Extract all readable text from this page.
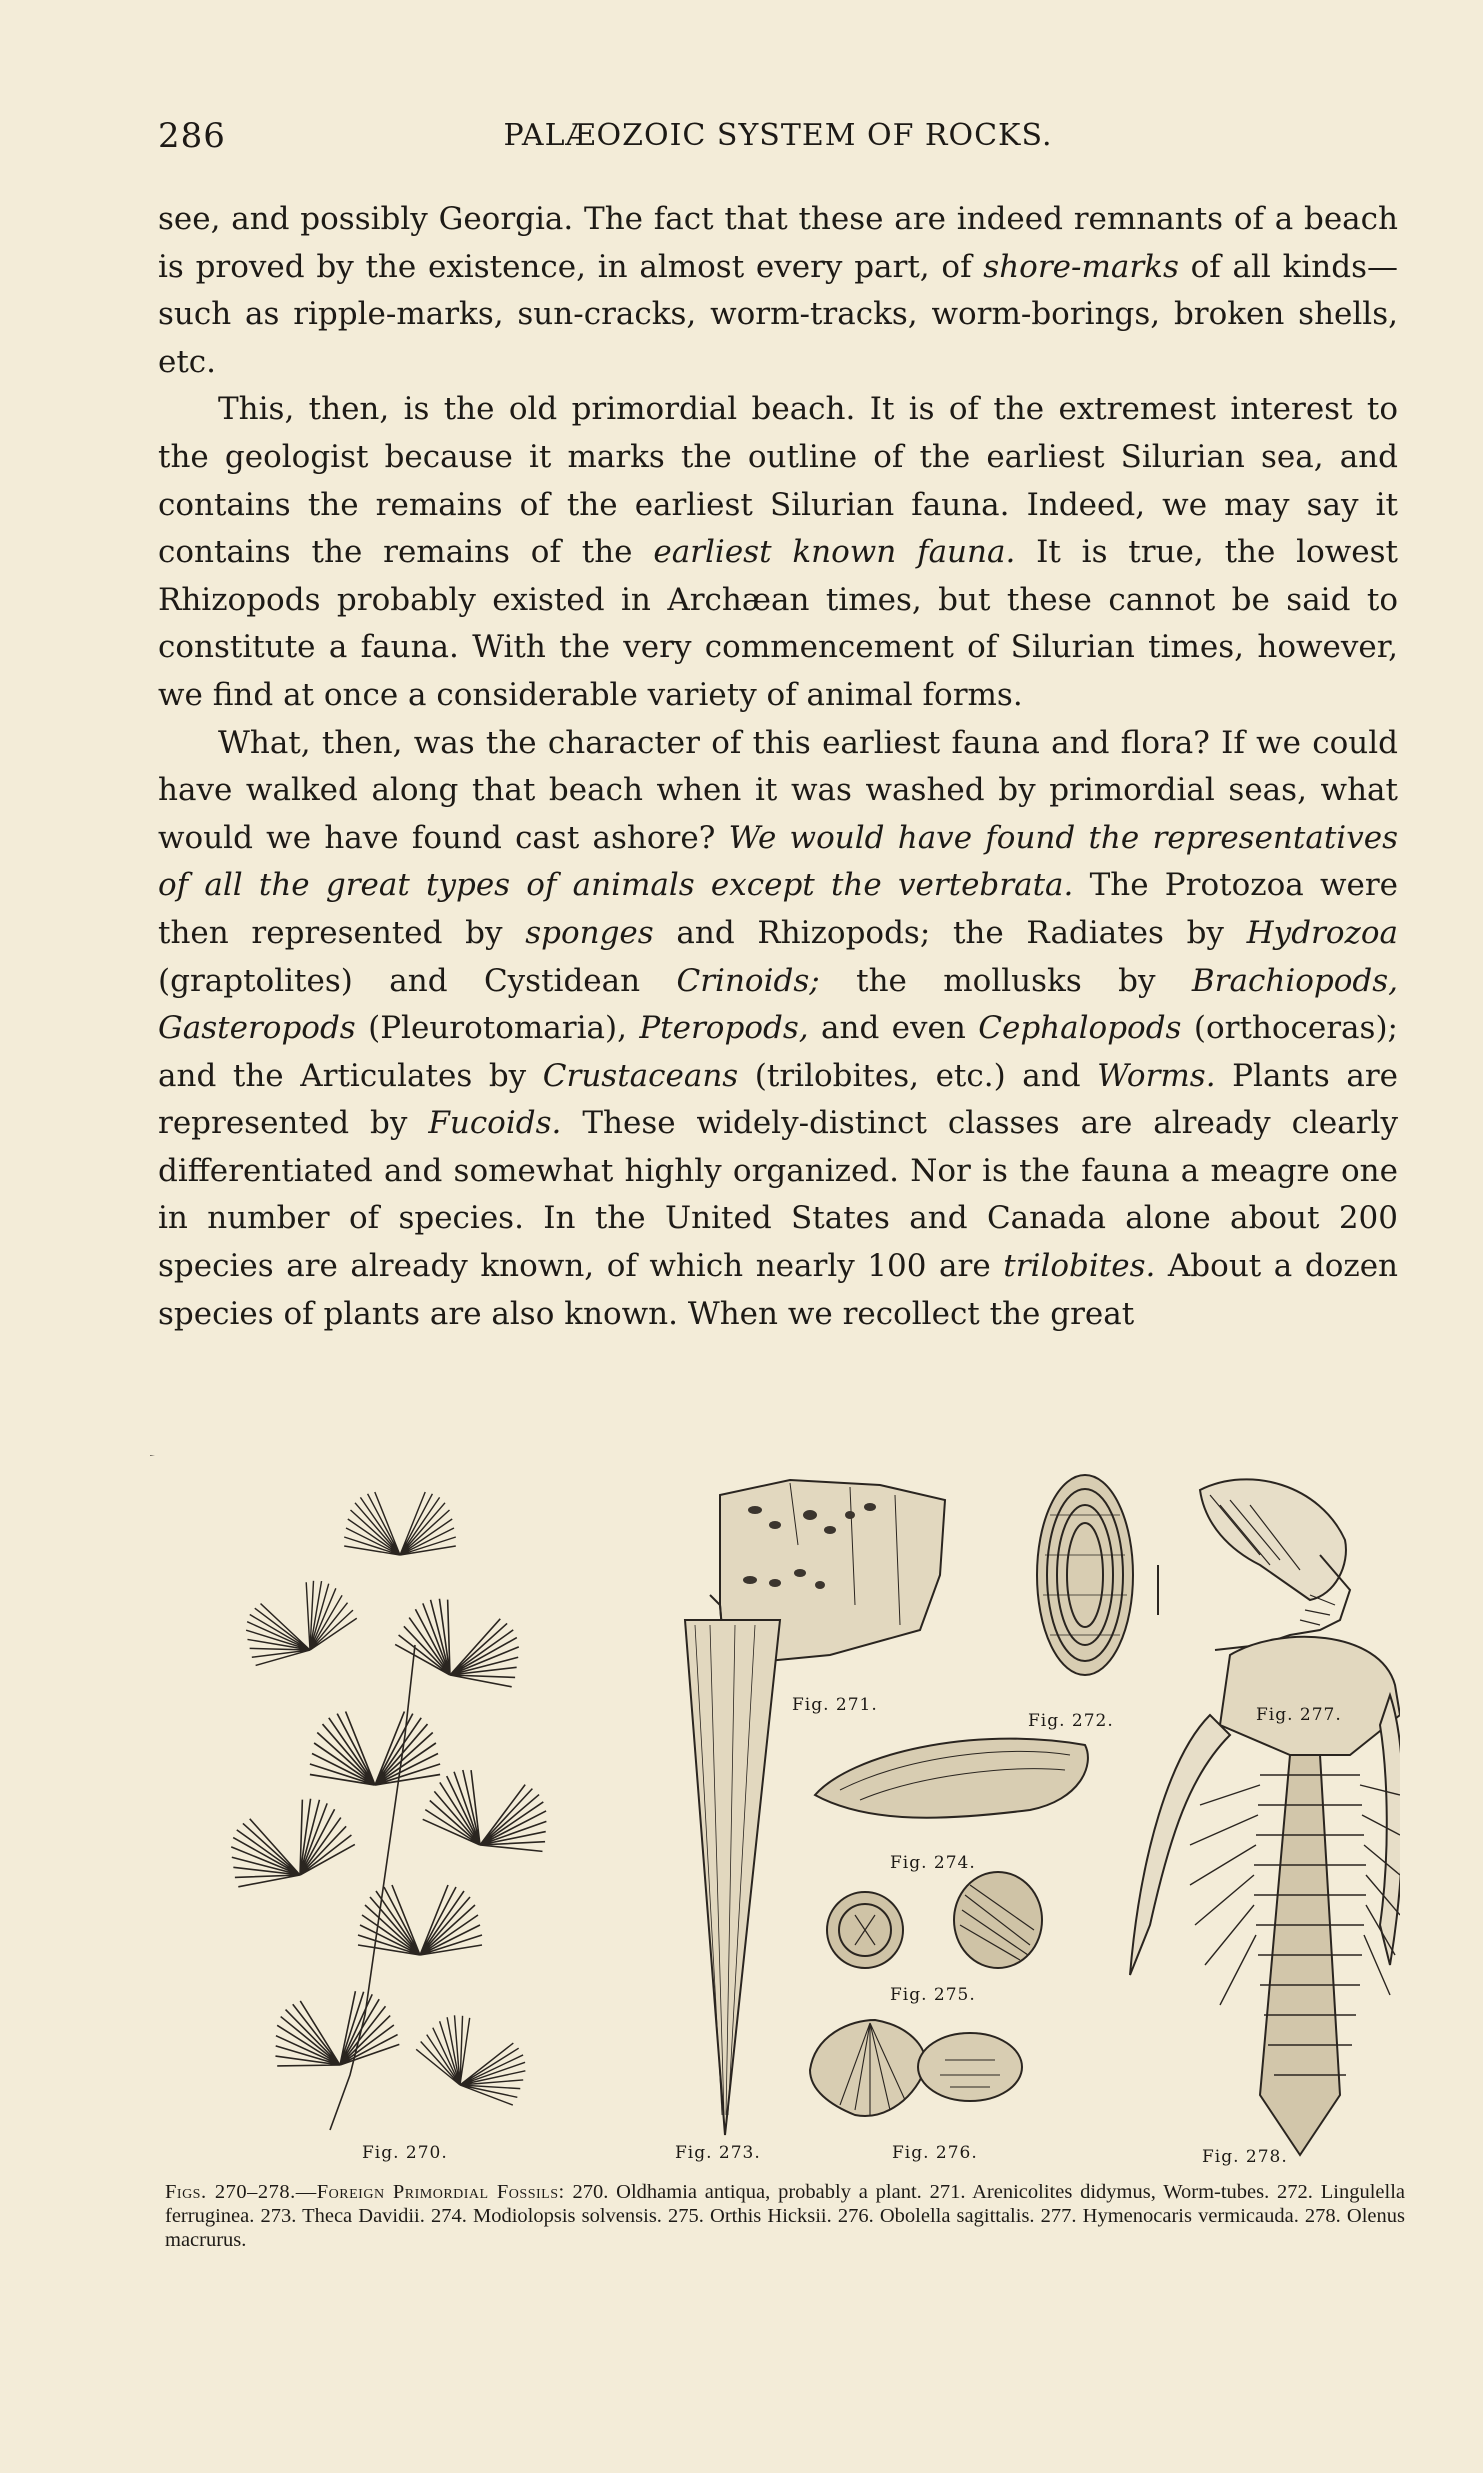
286	PALÆOZOIC SYSTEM OF ROCKS.

see, and possibly Georgia. The fact that these are indeed remnants of a beach is proved by the existence, in almost every part, of shore-marks of all kinds—such as ripple-marks, sun-cracks, worm-tracks, worm-borings, broken shells, etc.

This, then, is the old primordial beach. It is of the extremest interest to the geologist because it marks the outline of the earliest Silurian sea, and contains the remains of the earliest Silurian fauna. Indeed, we may say it contains the remains of the earliest known fauna. It is true, the lowest Rhizopods probably existed in Archæan times, but these cannot be said to constitute a fauna. With the very commencement of Silurian times, however, we find at once a considerable variety of animal forms.

What, then, was the character of this earliest fauna and flora? If we could have walked along that beach when it was washed by primordial seas, what would we have found cast ashore? We would have found the representatives of all the great types of animals except the vertebrata. The Protozoa were then represented by sponges and Rhizopods; the Radiates by Hydrozoa (graptolites) and Cystidean Crinoids; the mollusks by Brachiopods, Gasteropods (Pleurotomaria), Pteropods, and even Cephalopods (orthoceras); and the Articulates by Crustaceans (trilobites, etc.) and Worms. Plants are represented by Fucoids. These widely-distinct classes are already clearly differentiated and somewhat highly organized. Nor is the fauna a meagre one in number of species. In the United States and Canada alone about 200 species are already known, of which nearly 100 are trilobites. About a dozen species of plants are also known. When we recollect the great

Fig. 270.
Fig. 271.
Fig. 272.
Fig. 273.
Fig. 274.
Fig. 275.
Fig. 276.
Fig. 277.
Fig. 278.
Figs. 270–278.—Foreign Primordial Fossils: 270. Oldhamia antiqua, probably a plant. 271. Arenicolites didymus, Worm-tubes. 272. Lingulella ferruginea. 273. Theca Davidii. 274. Modiolopsis solvensis. 275. Orthis Hicksii. 276. Obolella sagittalis. 277. Hymenocaris vermicauda. 278. Olenus macrurus.
